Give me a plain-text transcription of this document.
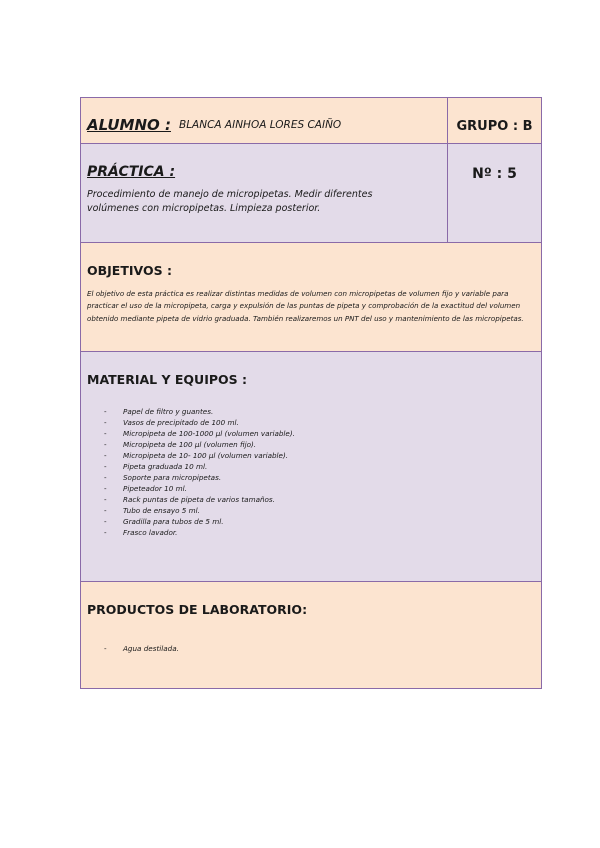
ALUMNO : BLANCA AINHOA LORES CAIÑO	GRUPO : B
PRÁCTICA :
Procedimiento de manejo de micropipetas. Medir diferentes volúmenes con micropipetas. Limpieza posterior.
Nº : 5
OBJETIVOS :
El objetivo de esta práctica es realizar distintas medidas de volumen con micropipetas de volumen fijo y variable para practicar el uso de la micropipeta, carga y expulsión de las puntas de pipeta y comprobación de la exactitud del volumen obtenido mediante pipeta de vidrio graduada. También realizaremos un PNT del uso y mantenimiento de las micropipetas.
MATERIAL Y EQUIPOS :
- Papel de filtro y guantes.
- Vasos de precipitado de 100 ml.
- Micropipeta de 100-1000 µl (volumen variable).
- Micropipeta de 100 µl (volumen fijo).
- Micropipeta de 10- 100 µl (volumen variable).
- Pipeta graduada 10 ml.
- Soporte para micropipetas.
- Pipeteador 10 ml.
- Rack puntas de pipeta de varios tamaños.
- Tubo de ensayo 5 ml.
- Gradilla para tubos de 5 ml.
- Frasco lavador.
PRODUCTOS DE LABORATORIO:
- Agua destilada.
